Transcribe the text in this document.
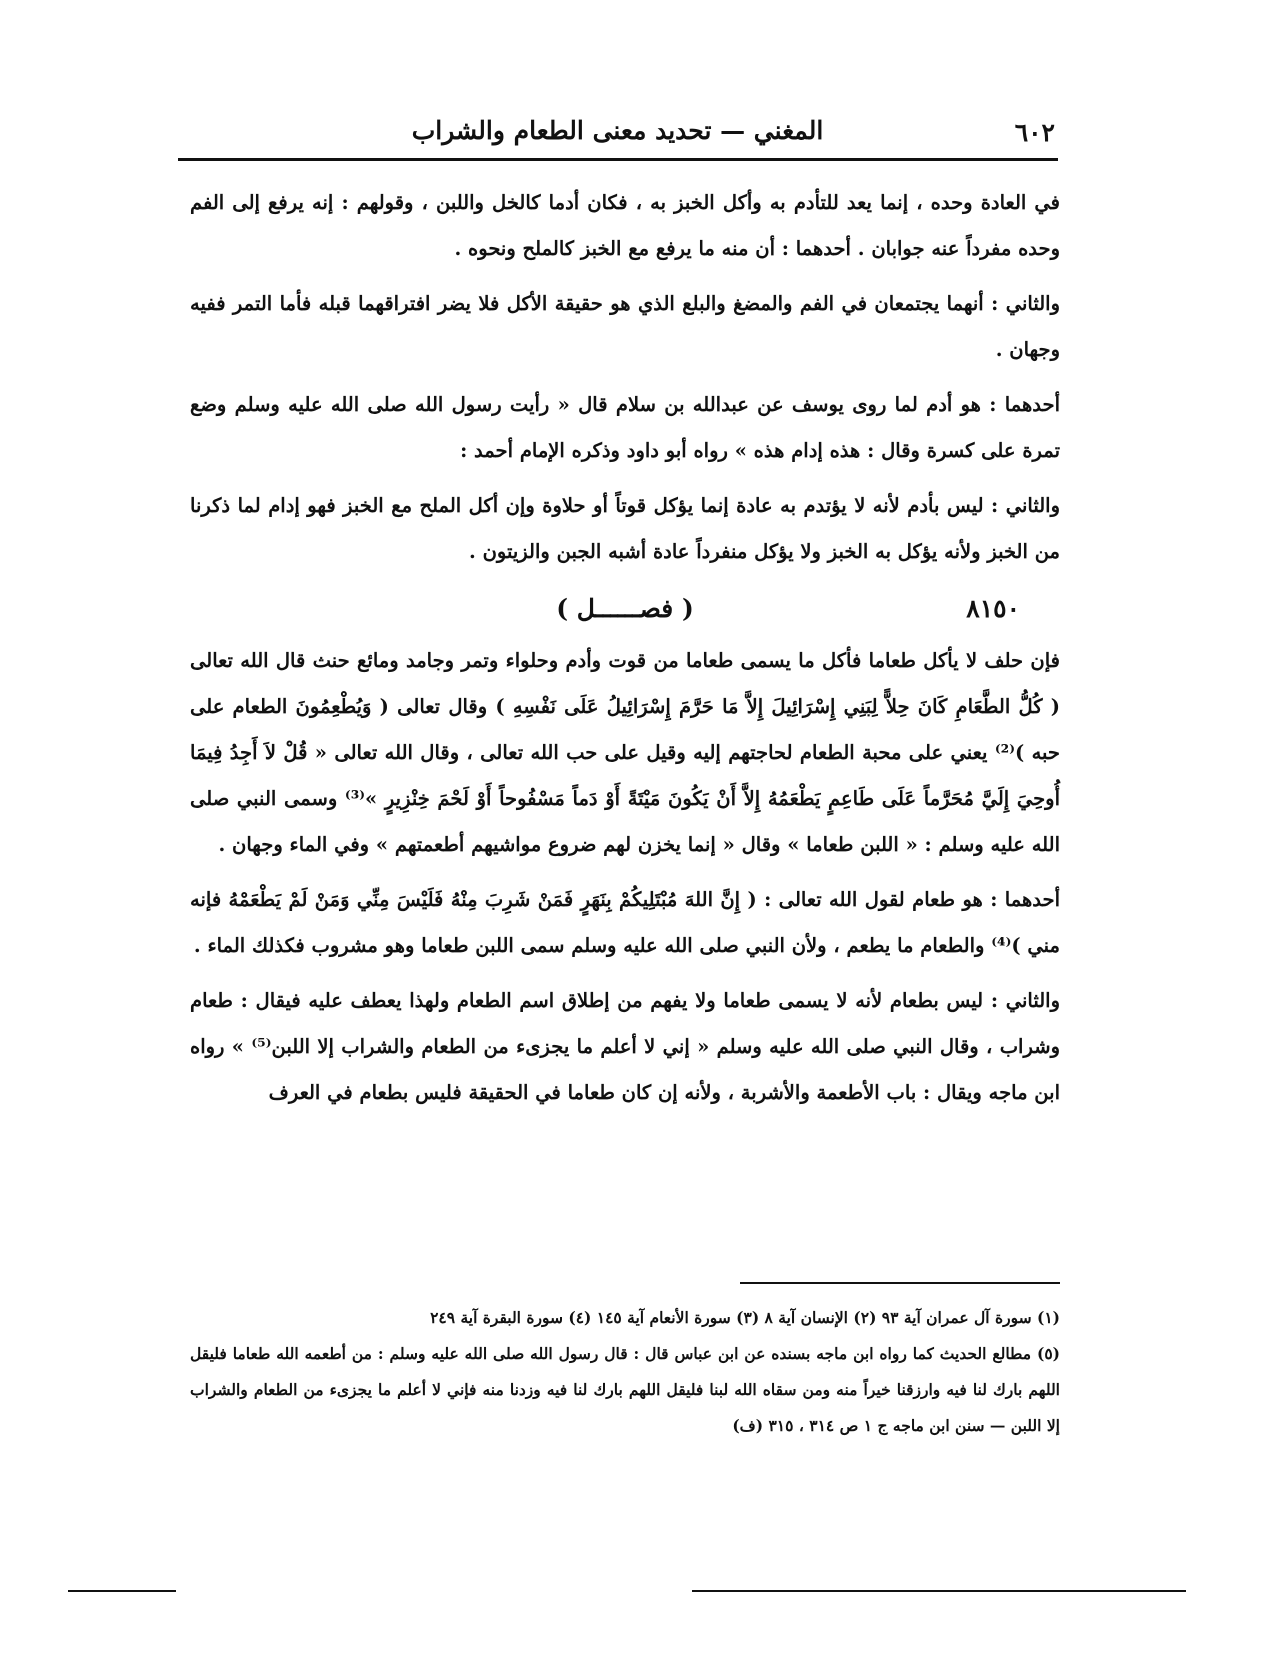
٦٠٢
المغني — تحديد معنى الطعام والشراب

في العادة وحده ، إنما يعد للتأدم به وأكل الخبز به ، فكان أدما كالخل واللبن ، وقولهم : إنه يرفع إلى الفم وحده مفرداً عنه جوابان . أحدهما : أن منه ما يرفع مع الخبز كالملح ونحوه .

والثاني : أنهما يجتمعان في الفم والمضغ والبلع الذي هو حقيقة الأكل فلا يضر افتراقهما قبله فأما التمر ففيه وجهان .

أحدهما : هو أدم لما روى يوسف عن عبدالله بن سلام قال « رأيت رسول الله صلى الله عليه وسلم وضع تمرة على كسرة وقال : هذه إدام هذه » رواه أبو داود وذكره الإمام أحمد :

والثاني : ليس بأدم لأنه لا يؤتدم به عادة إنما يؤكل قوتاً أو حلاوة وإن أكل الملح مع الخبز فهو إدام لما ذكرنا من الخبز ولأنه يؤكل به الخبز ولا يؤكل منفرداً عادة أشبه الجبن والزيتون .

٨١٥٠
( فصــــــل )

فإن حلف لا يأكل طعاما فأكل ما يسمى طعاما من قوت وأدم وحلواء وتمر وجامد ومائع حنث قال الله تعالى ( كُلُّ الطَّعَامِ كَانَ حِلاًّ لِبَنِي إِسْرَائِيلَ إِلاَّ مَا حَرَّمَ إِسْرَائِيلُ عَلَى نَفْسِهِ ) وقال تعالى ( وَيُطْعِمُونَ الطعام على حبه )⁽²⁾ يعني على محبة الطعام لحاجتهم إليه وقيل على حب الله تعالى ، وقال الله تعالى « قُلْ لاَ أَجِدُ فِيمَا أُوحِيَ إِلَيَّ مُحَرَّماً عَلَى طَاعِمٍ يَطْعَمُهُ إِلاَّ أَنْ يَكُونَ مَيْتَةً أَوْ دَماً مَسْفُوحاً أَوْ لَحْمَ خِنْزِيرٍ »⁽³⁾ وسمى النبي صلى الله عليه وسلم : « اللبن طعاما » وقال « إنما يخزن لهم ضروع مواشيهم أطعمتهم » وفي الماء وجهان .

أحدهما : هو طعام لقول الله تعالى : ( إِنَّ اللهَ مُبْتَلِيكُمْ بِنَهَرٍ فَمَنْ شَرِبَ مِنْهُ فَلَيْسَ مِنِّي وَمَنْ لَمْ يَطْعَمْهُ فإنه مني )⁽⁴⁾ والطعام ما يطعم ، ولأن النبي صلى الله عليه وسلم سمى اللبن طعاما وهو مشروب فكذلك الماء .

والثاني : ليس بطعام لأنه لا يسمى طعاما ولا يفهم من إطلاق اسم الطعام ولهذا يعطف عليه فيقال : طعام وشراب ، وقال النبي صلى الله عليه وسلم « إني لا أعلم ما يجزىء من الطعام والشراب إلا اللبن⁽⁵⁾ » رواه ابن ماجه ويقال : باب الأطعمة والأشربة ، ولأنه إن كان طعاما في الحقيقة فليس بطعام في العرف

(١) سورة آل عمران آية ٩٣ (٢) الإنسان آية ٨ (٣) سورة الأنعام آية ١٤٥ (٤) سورة البقرة آية ٢٤٩

(٥) مطالع الحديث كما رواه ابن ماجه بسنده عن ابن عباس قال : قال رسول الله صلى الله عليه وسلم : من أطعمه الله طعاما فليقل اللهم بارك لنا فيه وارزقنا خيراً منه ومن سقاه الله لبنا فليقل اللهم بارك لنا فيه وزدنا منه فإني لا أعلم ما يجزىء من الطعام والشراب إلا اللبن — سنن ابن ماجه ج ١ ص ٣١٤ ، ٣١٥ (ف)
